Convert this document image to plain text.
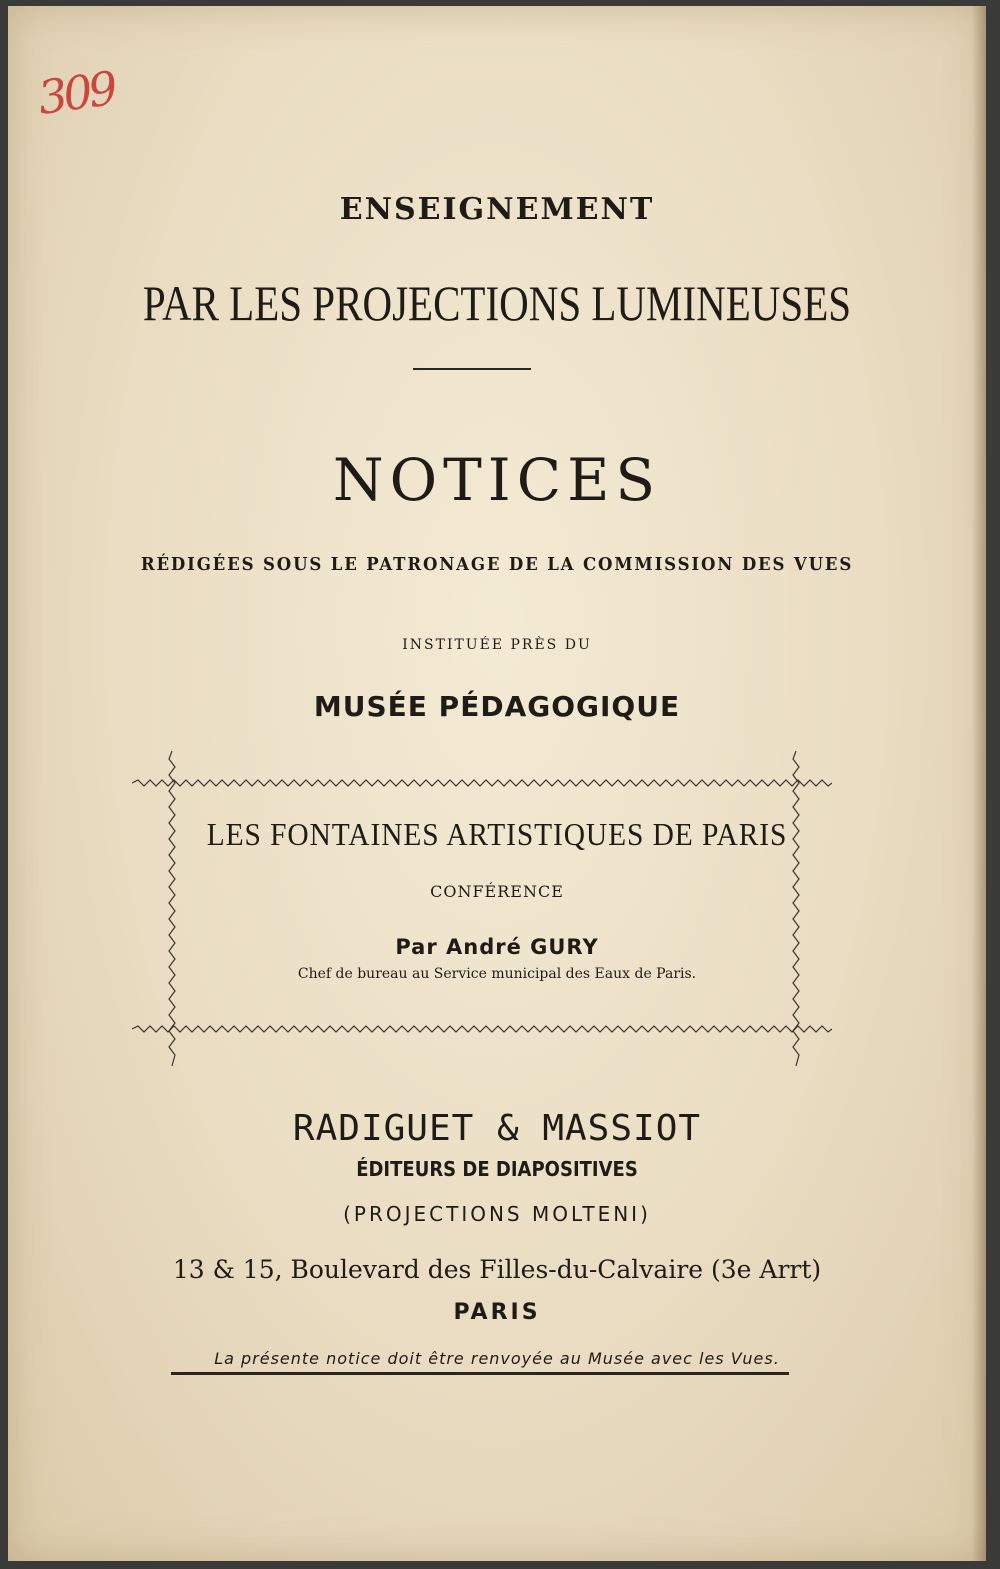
309
ENSEIGNEMENT
PAR LES PROJECTIONS LUMINEUSES
NOTICES
RÉDIGÉES SOUS LE PATRONAGE DE LA COMMISSION DES VUES
INSTITUÉE PRÈS DU
MUSÉE PÉDAGOGIQUE
LES FONTAINES ARTISTIQUES DE PARIS
CONFÉRENCE
Par André GURY
Chef de bureau au Service municipal des Eaux de Paris.
RADIGUET & MASSIOT
ÉDITEURS DE DIAPOSITIVES
(PROJECTIONS MOLTENI)
13 & 15, Boulevard des Filles-du-Calvaire (3e Arrt)
PARIS
La présente notice doit être renvoyée au Musée avec les Vues.
